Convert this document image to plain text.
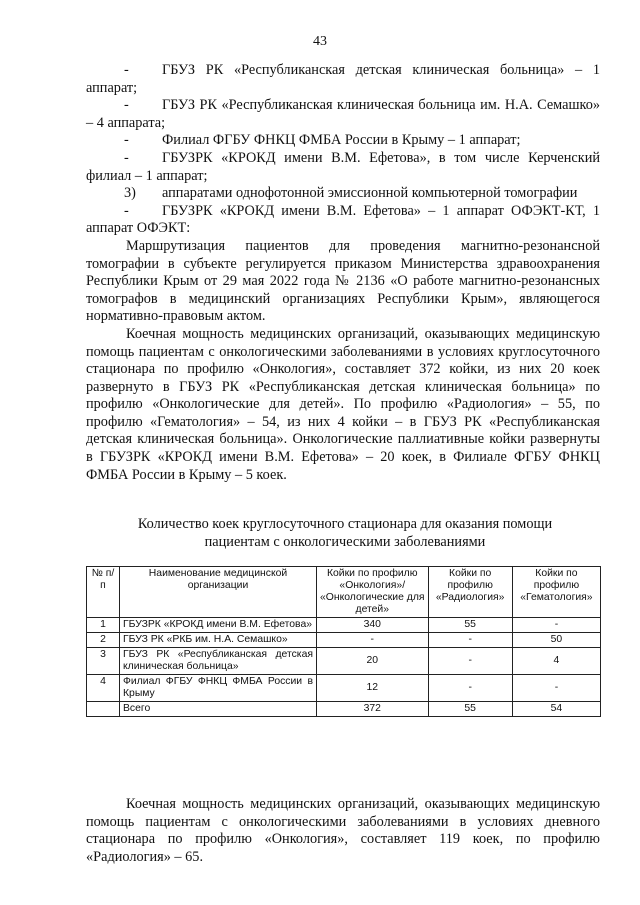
43

- ГБУЗ РК «Республиканская детская клиническая больница» – 1 аппарат;

- ГБУЗ РК «Республиканская клиническая больница им. Н.А. Семашко» – 4 аппарата;

- Филиал ФГБУ ФНКЦ ФМБА России в Крыму – 1 аппарат;

- ГБУЗРК «КРОКД имени В.М. Ефетова», в том числе Керченский филиал – 1 аппарат;

3) аппаратами однофотонной эмиссионной компьютерной томографии

- ГБУЗРК «КРОКД имени В.М. Ефетова» – 1 аппарат ОФЭКТ-КТ, 1 аппарат ОФЭКТ:

Маршрутизация пациентов для проведения магнитно-резонансной томографии в субъекте регулируется приказом Министерства здравоохранения Республики Крым от 29 мая 2022 года № 2136 «О работе магнитно-резонансных томографов в медицинский организациях Республики Крым», являющегося нормативно-правовым актом.

Коечная мощность медицинских организаций, оказывающих медицинскую помощь пациентам с онкологическими заболеваниями в условиях круглосуточного стационара по профилю «Онкология», составляет 372 койки, из них 20 коек развернуто в ГБУЗ РК «Республиканская детская клиническая больница» по профилю «Онкологические для детей». По профилю «Радиология» – 55, по профилю «Гематология» – 54, из них 4 койки – в ГБУЗ РК «Республиканская детская клиническая больница». Онкологические паллиативные койки развернуты в ГБУЗРК «КРОКД имени В.М. Ефетова» – 20 коек, в Филиале ФГБУ ФНКЦ ФМБА России в Крыму – 5 коек.

Количество коек круглосуточного стационара для оказания помощи пациентам с онкологическими заболеваниями
№ п/п	Наименование медицинской организации	Койки по профилю «Онкология»/ «Онкологические для детей»	Койки по профилю «Радиология»	Койки по профилю «Гематология»
1	ГБУЗРК «КРОКД имени В.М. Ефетова»	340	55	-
2	ГБУЗ РК «РКБ им. Н.А. Семашко»	-	-	50
3	ГБУЗ РК «Республиканская детская клиническая больница»	20	-	4
4	Филиал ФГБУ ФНКЦ ФМБА России в Крыму	12	-	-
	Всего	372	55	54

Коечная мощность медицинских организаций, оказывающих медицинскую помощь пациентам с онкологическими заболеваниями в условиях дневного стационара по профилю «Онкология», составляет 119 коек, по профилю «Радиология» – 65.
